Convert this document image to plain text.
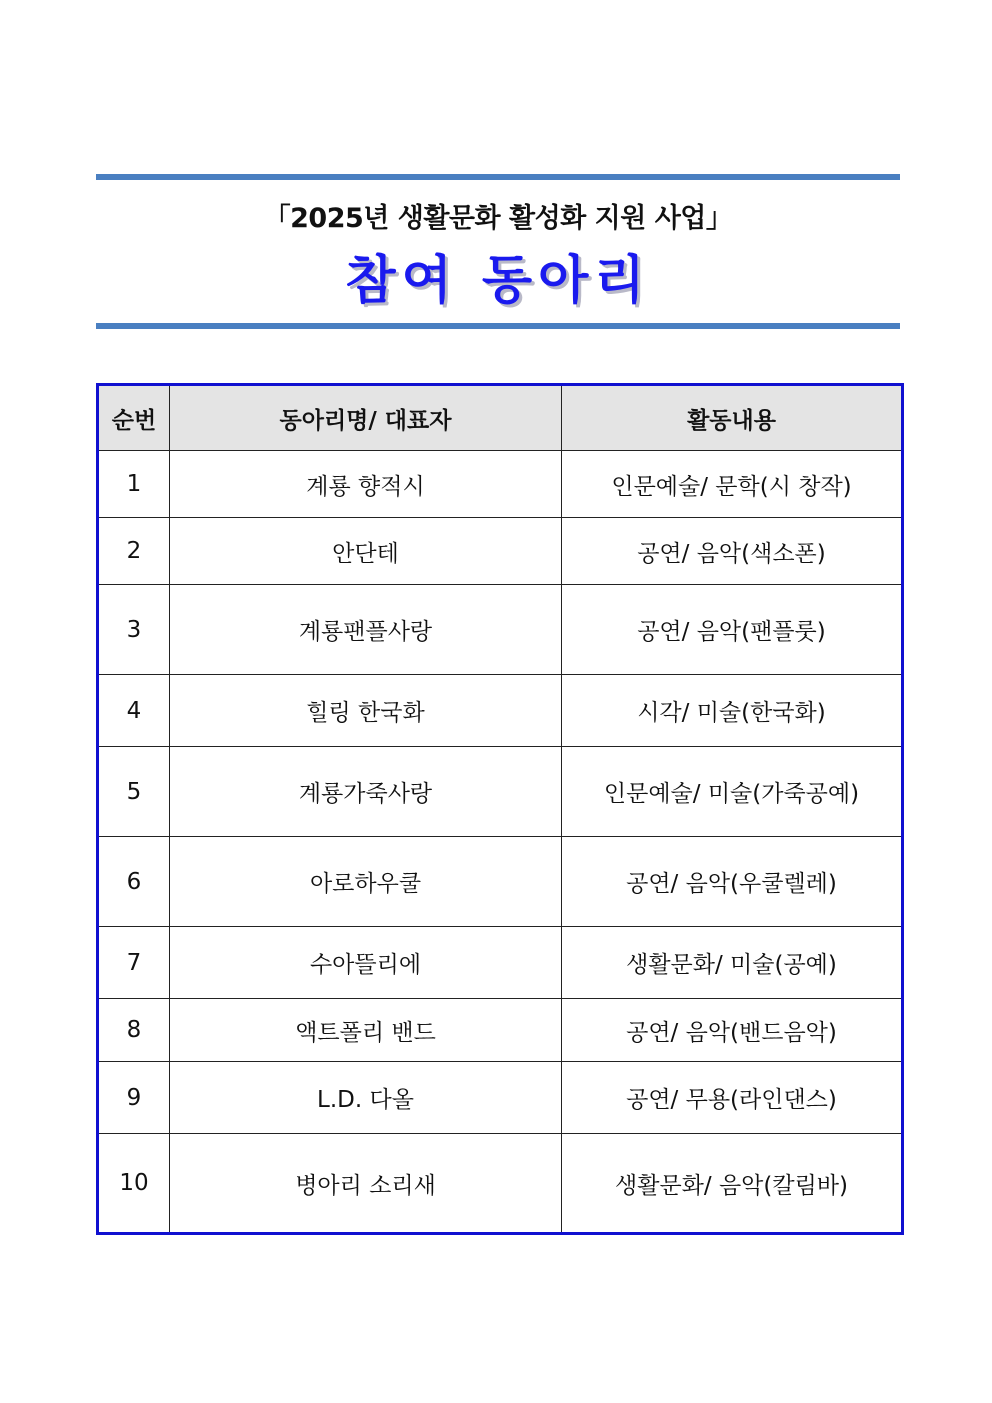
「2025년 생활문화 활성화 지원 사업」
참여 동아리
순번	동아리명/ 대표자	활동내용
1	계룡 향적시	인문예술/ 문학(시 창작)
2	안단테	공연/ 음악(색소폰)
3	계룡팬플사랑	공연/ 음악(팬플룻)
4	힐링 한국화	시각/ 미술(한국화)
5	계룡가죽사랑	인문예술/ 미술(가죽공예)
6	아로하우쿨	공연/ 음악(우쿨렐레)
7	수아뜰리에	생활문화/ 미술(공예)
8	액트폴리 밴드	공연/ 음악(밴드음악)
9	L.D. 다올	공연/ 무용(라인댄스)
10	병아리 소리새	생활문화/ 음악(칼림바)
